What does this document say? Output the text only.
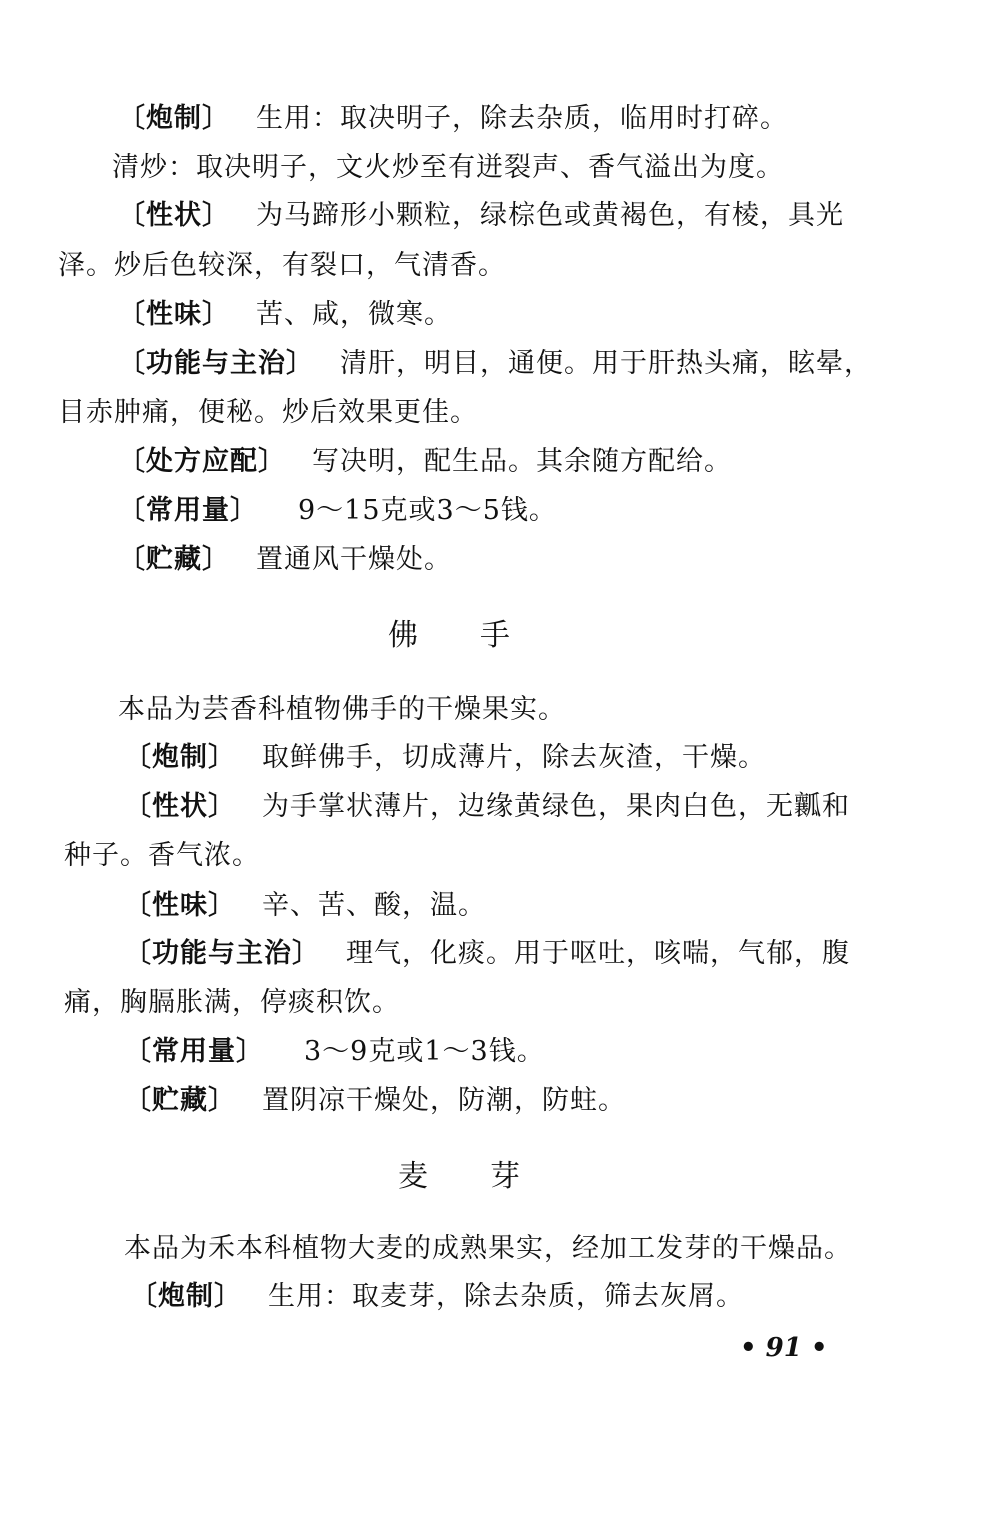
〔炮制〕 生用：取决明子，除去杂质，临用时打碎。
清炒：取决明子，文火炒至有迸裂声、香气溢出为度。
〔性状〕 为马蹄形小颗粒，绿棕色或黄褐色，有棱，具光
泽。炒后色较深，有裂口，气清香。
〔性味〕 苦、咸，微寒。
〔功能与主治〕 清肝，明目，通便。用于肝热头痛，眩晕，
目赤肿痛，便秘。炒后效果更佳。
〔处方应配〕 写决明，配生品。其余随方配给。
〔常用量〕 9～15克或3～5钱。
〔贮藏〕 置通风干燥处。
佛手
本品为芸香科植物佛手的干燥果实。
〔炮制〕 取鲜佛手，切成薄片，除去灰渣，干燥。
〔性状〕 为手掌状薄片，边缘黄绿色，果肉白色，无瓤和
种子。香气浓。
〔性味〕 辛、苦、酸，温。
〔功能与主治〕 理气，化痰。用于呕吐，咳喘，气郁，腹
痛，胸膈胀满，停痰积饮。
〔常用量〕 3～9克或1～3钱。
〔贮藏〕 置阴凉干燥处，防潮，防蛀。
麦芽
本品为禾本科植物大麦的成熟果实，经加工发芽的干燥品。
〔炮制〕 生用：取麦芽，除去杂质，筛去灰屑。
• 91 •
